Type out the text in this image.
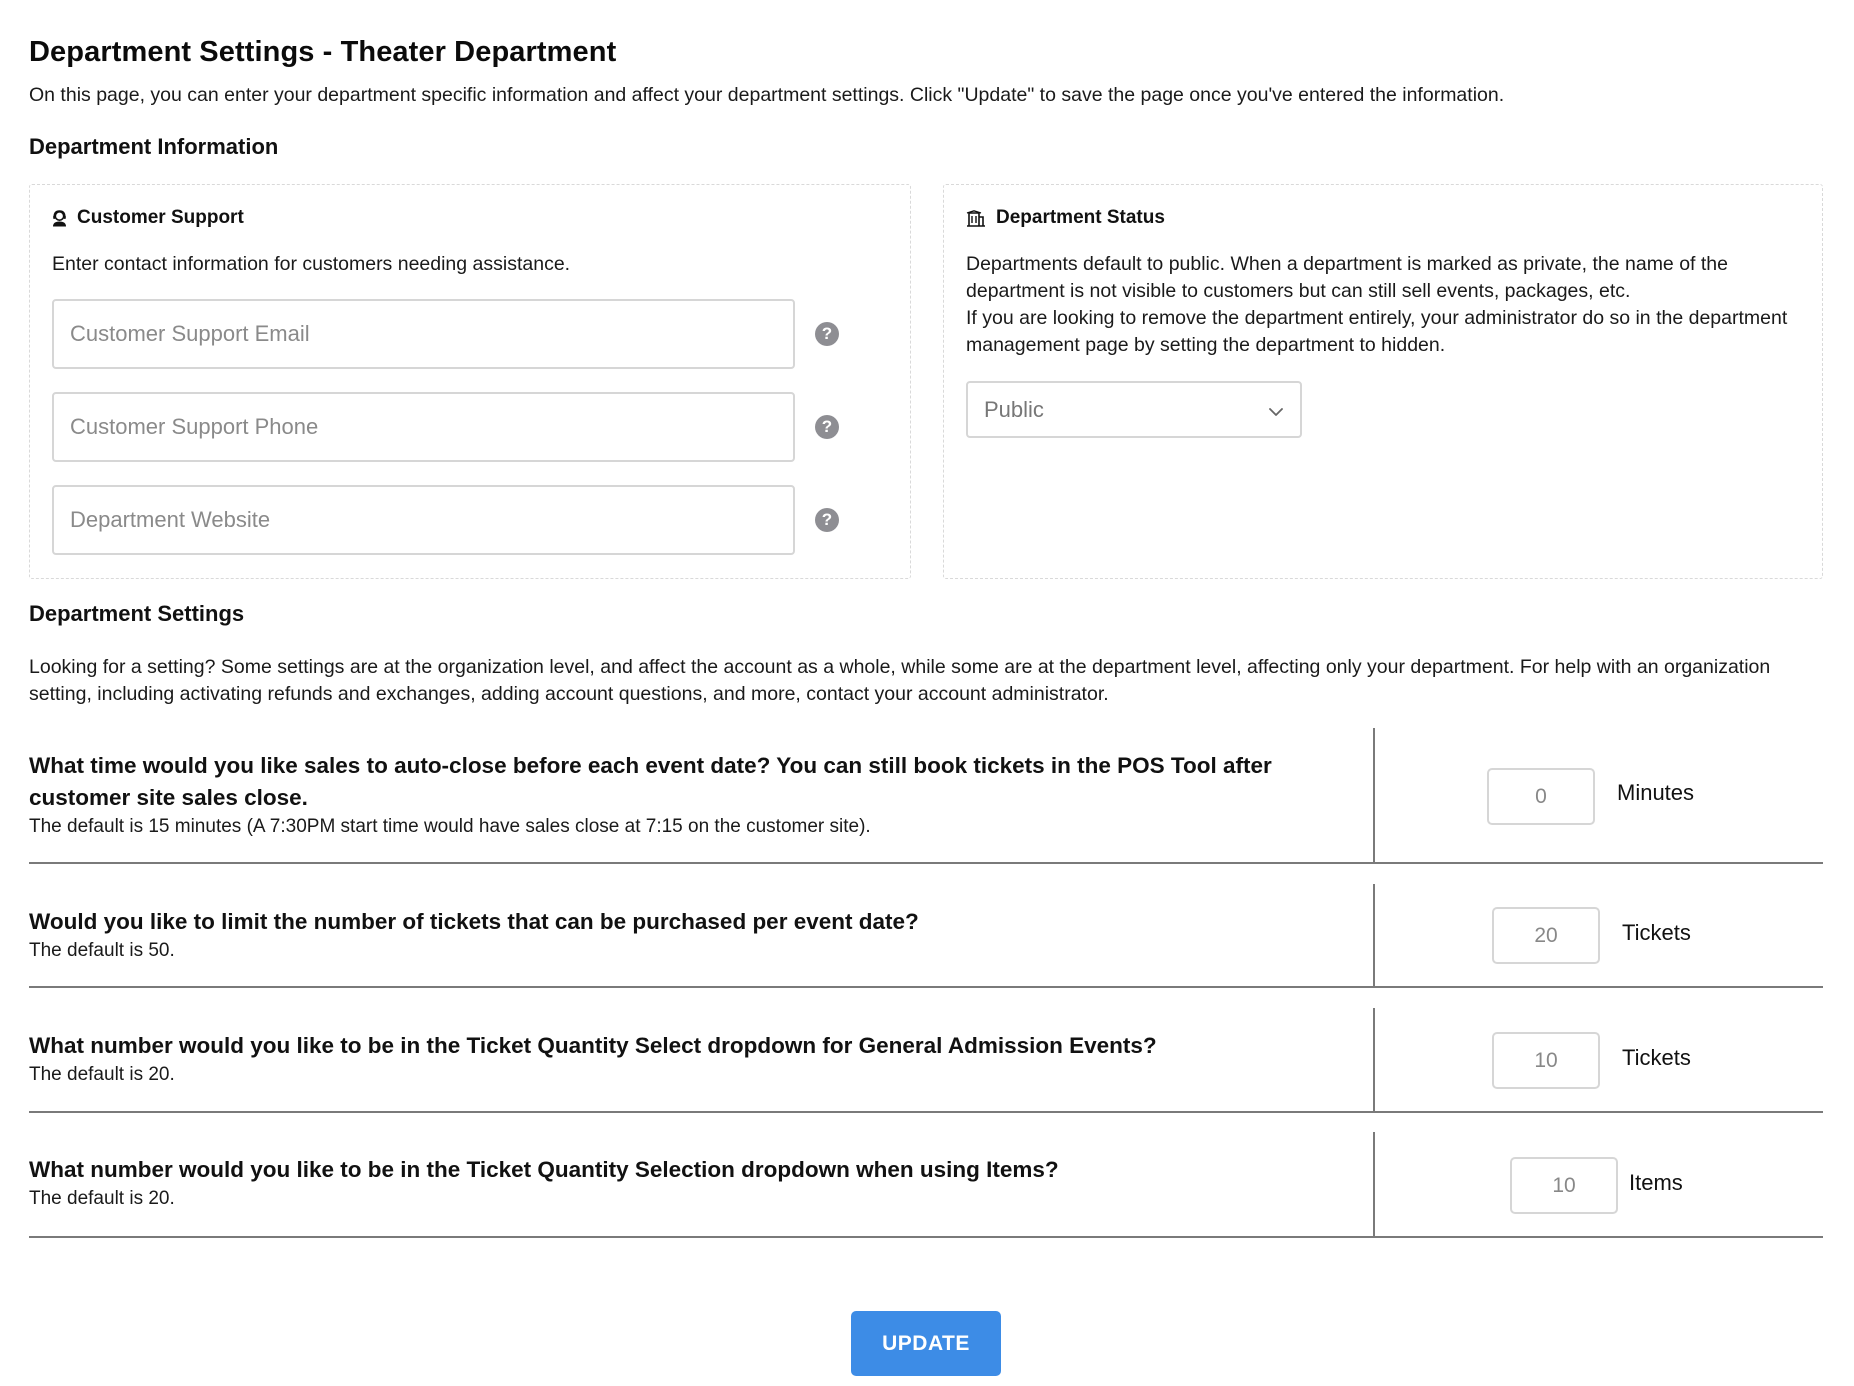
Department Settings - Theater Department

On this page, you can enter your department specific information and affect your department settings. Click "Update" to save the page once you've entered the information.

Department Information
Customer Support

Enter contact information for customers needing assistance.

Customer Support Email
?
Customer Support Phone
?
Department Website
?
Department Status
Departments default to public. When a department is marked as private, the name of the department is not visible to customers but can still sell events, packages, etc.
If you are looking to remove the department entirely, your administrator do so in the department management page by setting the department to hidden.
Public
Department Settings

Looking for a setting? Some settings are at the organization level, and affect the account as a whole, while some are at the department level, affecting only your department. For help with an organization setting, including activating refunds and exchanges, adding account questions, and more, contact your account administrator.

What time would you like sales to auto-close before each event date? You can still book tickets in the POS Tool after customer site sales close.
The default is 15 minutes (A 7:30PM start time would have sales close at 7:15 on the customer site).
0
Minutes
Would you like to limit the number of tickets that can be purchased per event date?
The default is 50.
20
Tickets
What number would you like to be in the Ticket Quantity Select dropdown for General Admission Events?
The default is 20.
10
Tickets
What number would you like to be in the Ticket Quantity Selection dropdown when using Items?
The default is 20.
10
Items
UPDATE
